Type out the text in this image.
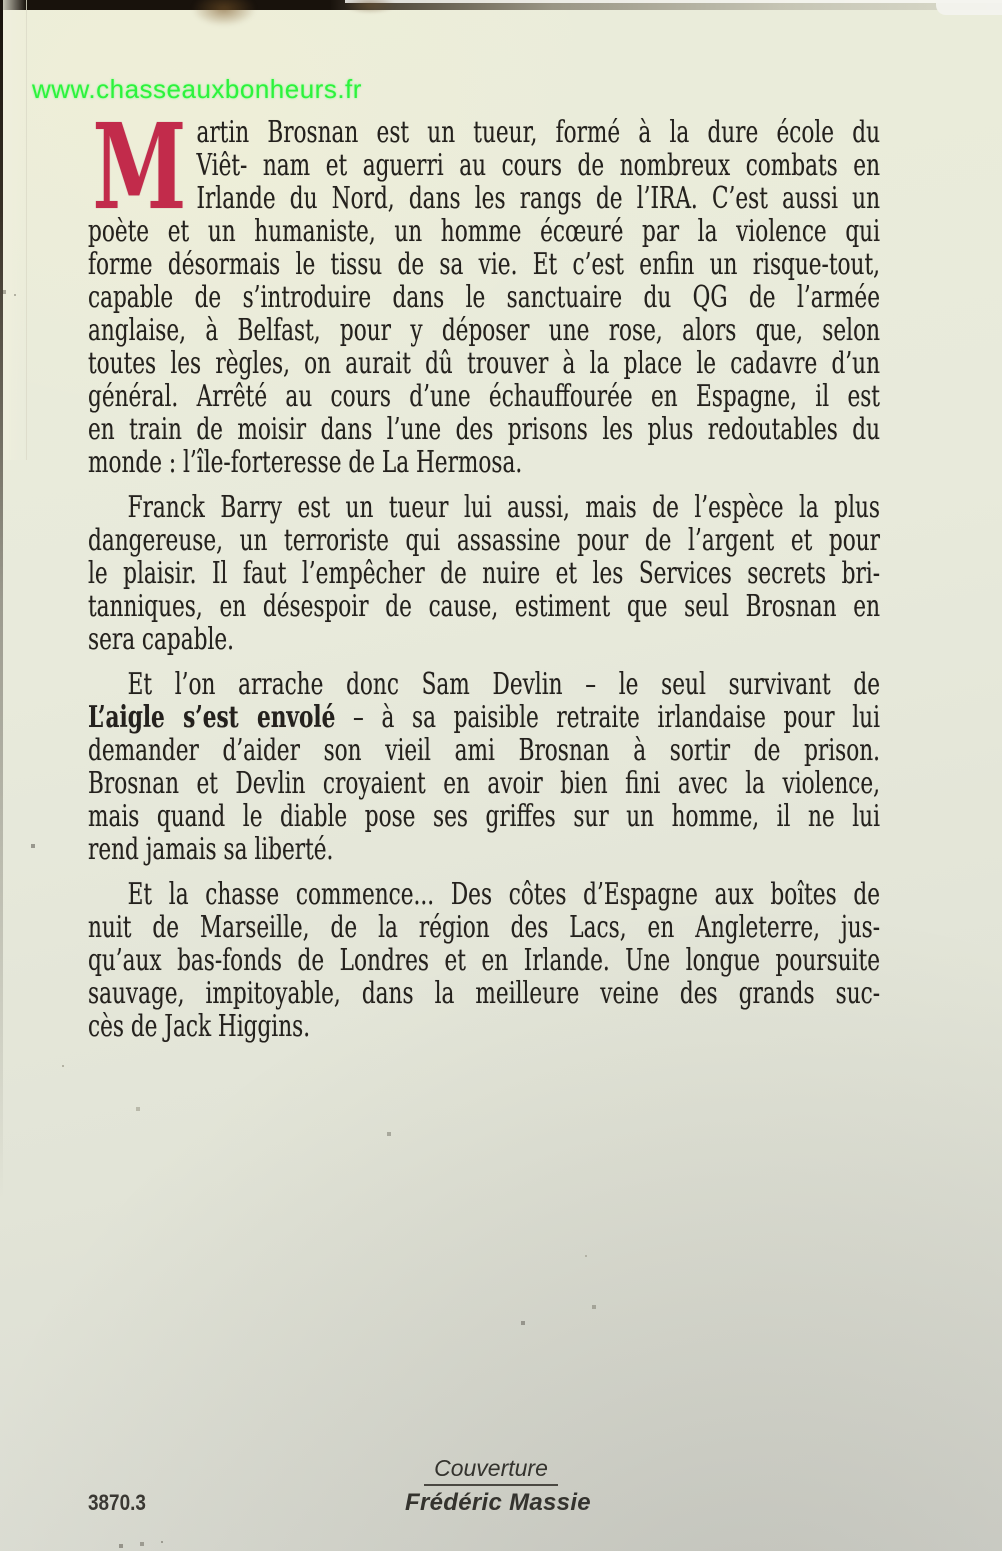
www.chasseauxbonheurs.fr
M artin Brosnan est un tueur, formé à la dure école du
Viêt- nam et aguerri au cours de nombreux combats en
Irlande du Nord, dans les rangs de l’IRA. C’est aussi un
poète et un humaniste, un homme écœuré par la violence qui
forme désormais le tissu de sa vie. Et c’est enfin un risque-tout,
capable de s’introduire dans le sanctuaire du QG de l’armée
anglaise, à Belfast, pour y déposer une rose, alors que, selon
toutes les règles, on aurait dû trouver à la place le cadavre d’un
général. Arrêté au cours d’une échauffourée en Espagne, il est
en train de moisir dans l’une des prisons les plus redoutables du
monde : l’île-forteresse de La Hermosa.
Franck Barry est un tueur lui aussi, mais de l’espèce la plus
dangereuse, un terroriste qui assassine pour de l’argent et pour
le plaisir. Il faut l’empêcher de nuire et les Services secrets bri-
tanniques, en désespoir de cause, estiment que seul Brosnan en
sera capable.
Et l’on arrache donc Sam Devlin – le seul survivant de
L’aigle s’est envolé – à sa paisible retraite irlandaise pour lui
demander d’aider son vieil ami Brosnan à sortir de prison.
Brosnan et Devlin croyaient en avoir bien fini avec la violence,
mais quand le diable pose ses griffes sur un homme, il ne lui
rend jamais sa liberté.
Et la chasse commence... Des côtes d’Espagne aux boîtes de
nuit de Marseille, de la région des Lacs, en Angleterre, jus-
qu’aux bas-fonds de Londres et en Irlande. Une longue poursuite
sauvage, impitoyable, dans la meilleure veine des grands suc-
cès de Jack Higgins.
Couverture
Frédéric Massie
3870.3
